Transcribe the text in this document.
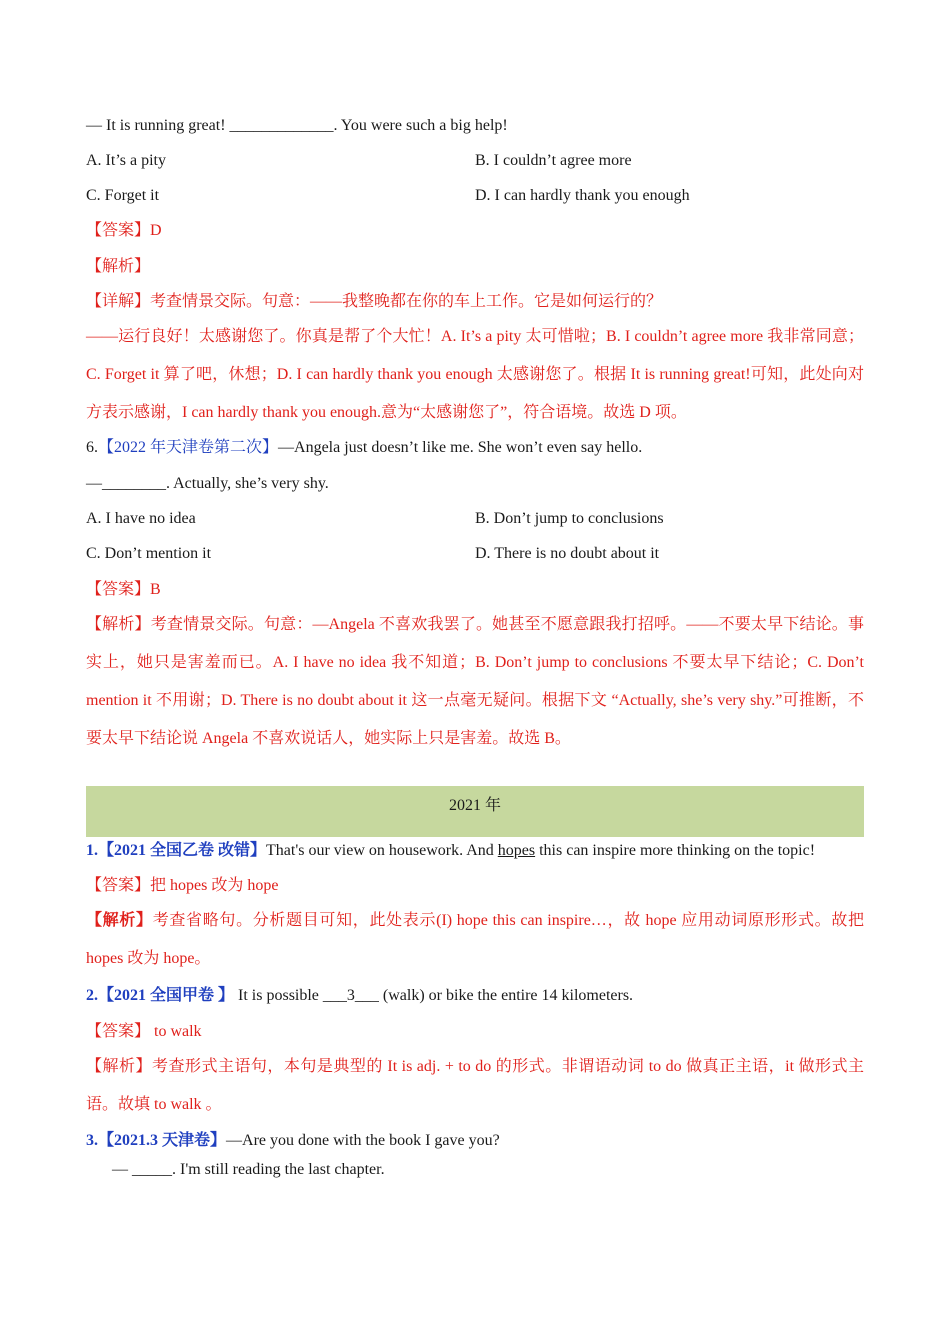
— It is running great! _____________. You were such a big help!
A. It’s a pity	B. I couldn’t agree more
C. Forget it	D. I can hardly thank you enough
【答案】D
【解析】
【详解】考查情景交际。句意：——我整晚都在你的车上工作。它是如何运行的？
——运行良好！太感谢您了。你真是帮了个大忙！A. It’s a pity 太可惜啦；B. I couldn’t agree more 我非常同意；C. Forget it 算了吧，休想；D. I can hardly thank you enough 太感谢您了。根据 It is running great!可知，此处向对方表示感谢，I can hardly thank you enough.意为“太感谢您了”，符合语境。故选 D 项。
6.【2022 年天津卷第二次】—Angela just doesn’t like me. She won’t even say hello.
—________. Actually, she’s very shy.
A. I have no idea	B. Don’t jump to conclusions
C. Don’t mention it	D. There is no doubt about it
【答案】B
【解析】考查情景交际。句意：—Angela 不喜欢我罢了。她甚至不愿意跟我打招呼。——不要太早下结论。事实上，她只是害羞而已。A. I have no idea 我不知道；B. Don’t jump to conclusions 不要太早下结论；C. Don’t mention it 不用谢；D. There is no doubt about it 这一点毫无疑问。根据下文 “Actually, she’s very shy.”可推断，不要太早下结论说 Angela 不喜欢说话人，她实际上只是害羞。故选 B。
2021 年
1.【2021 全国乙卷 改错】That's our view on housework. And hopes this can inspire more thinking on the topic!
【答案】把 hopes 改为 hope
【解析】考查省略句。分析题目可知，此处表示(I) hope this can inspire…，故 hope 应用动词原形形式。故把 hopes 改为 hope。
2.【2021 全国甲卷 】 It is possible ___3___ (walk) or bike the entire 14 kilometers.
【答案】 to walk
【解析】考查形式主语句，本句是典型的 It is adj. + to do 的形式。非谓语动词 to do 做真正主语，it 做形式主语。故填 to walk 。
3.【2021.3 天津卷】—Are you done with the book I gave you?
— _____. I'm still reading the last chapter.
